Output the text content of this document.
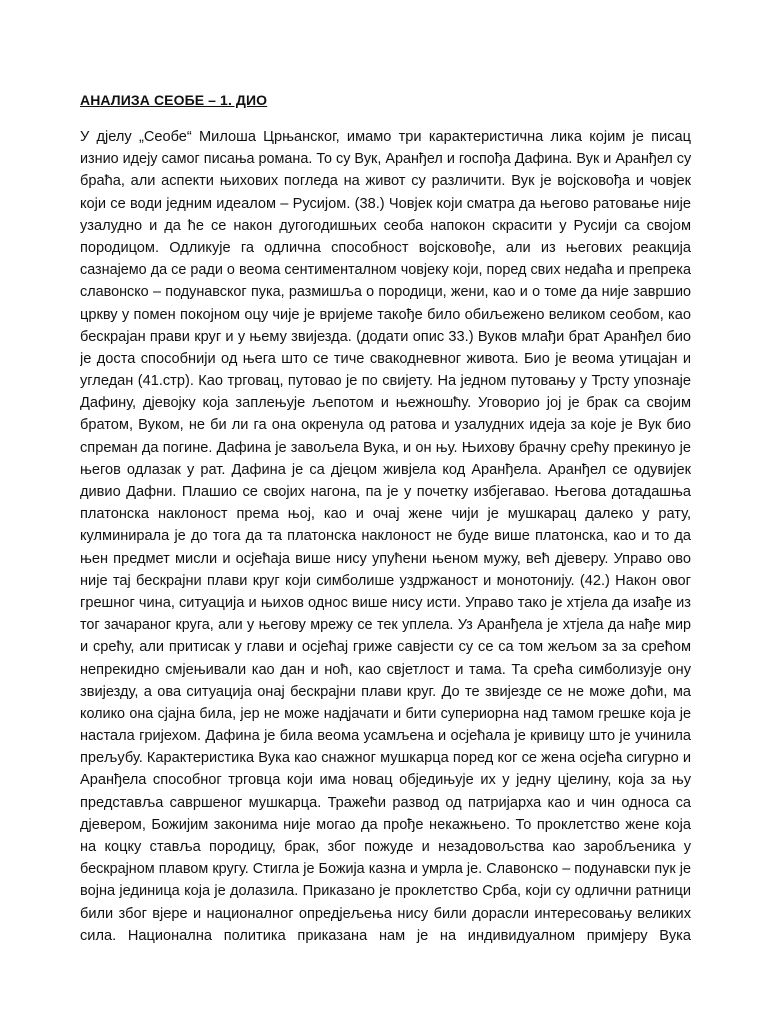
АНАЛИЗА СЕОБЕ – 1. ДИО
У дјелу „Сеобе“ Милоша Црњанског, имамо три карактеристична лика којим је писац
изнио идеју самог писања романа. То су Вук, Аранђел и госпођа Дафина. Вук и Аранђел су
браћа, али аспекти њихових погледа на живот су различити. Вук је војсковођа и човјек
који се води једним идеалом – Русијом. (38.) Човјек који сматра да његово ратовање није
узалудно и да ће се након дугогодишњих сеоба напокон скрасити у Русији са својом
породицом. Одликује га одлична способност војсковође, али из његових реакција
сазнајемо да се ради о веома сентименталном човјеку који, поред свих недаћа и препрека
славонско – подунавског пука, размишља о породици, жени, као и о томе да није завршио
цркву у помен покојном оцу чије је вријеме такође било обиљежено великом сеобом, као
бескрајан прави круг и у њему звијезда. (додати опис 33.) Вуков млађи брат Аранђел био
је доста способнији од њега што се тиче свакодневног живота. Био је веома утицајан и
угледан (41.стр). Као трговац, путовао је по свијету. На једном путовању у Трсту упознаје
Дафину, дјевојку која заплењује љепотом и њежношћу. Уговорио јој је брак са својим
братом, Вуком, не би ли га она окренула од ратова и узалудних идеја за које је Вук био
спреман да погине. Дафина је завољела Вука, и он њу. Њихову брачну срећу прекинуо је
његов одлазак у рат. Дафина је са дјецом живјела код Аранђела. Аранђел се одувијек
дивио Дафни. Плашио се својих нагона, па је у почетку избјегавао. Његова дотадашња
платонска наклоност према њој, као и очај жене чији је мушкарац далеко у рату,
кулминирала је до тога да та платонска наклоност не буде више платонска, као и то да
њен предмет мисли и осјећаја више нису упућени њеном мужу, већ дјеверу. Управо ово
није тај бескрајни плави круг који симболише уздржаност и монотонију. (42.) Након овог
грешног чина, ситуација и њихов однос више нису исти. Управо тако је хтјела да изађе из
тог зачараног круга, али у његову мрежу се тек уплела. Уз Аранђела је хтјела да нађе мир
и срећу, али притисак у глави и осјећај гриже савјести су се са том жељом за за срећом
непрекидно смјењивали као дан и ноћ, као свјетлост и тама. Та срећа симболизује ону
звијезду, а ова ситуација онај бескрајни плави круг. До те звијезде се не може доћи, ма
колико она сјајна била, јер не може надјачати и бити супериорна над тамом грешке која је
настала гријехом. Дафина је била веома усамљена и осјећала је кривицу што је учинила
прељубу. Карактеристика Вука као снажног мушкарца поред ког се жена осјећа сигурно и
Аранђела способног трговца који има новац обједињује их у једну цјелину, која за њу
представља савршеног мушкарца. Тражећи развод од патријарха као и чин односа са
дјевером, Божијим законима није могао да прође некажњено. То проклетство жене која
на коцку ставља породицу, брак, због пожуде и незадовољства као заробљеника у
бескрајном плавом кругу. Стигла је Божија казна и умрла је. Славонско – подунавски пук је
војна јединица која је долазила. Приказано је проклетство Срба, који су одлични ратници
били због вјере и националног опредјељења нису били дорасли интересовању великих
сила. Национална политика приказана нам је на индивидуалном примјеру Вука
